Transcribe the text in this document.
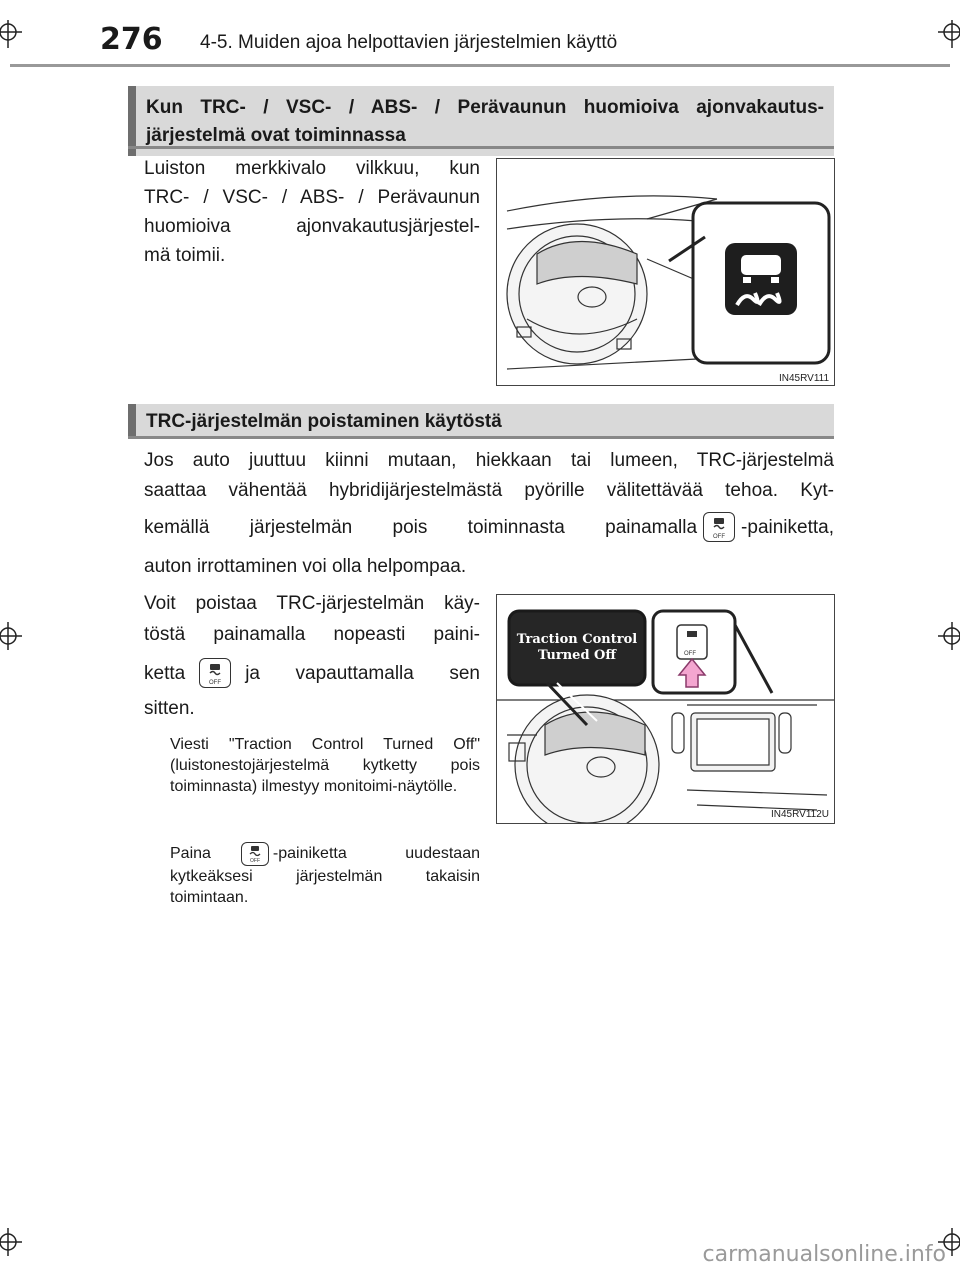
276 4-5. Muiden ajoa helpottavien järjestelmien käyttö
Kun TRC- / VSC- / ABS- / Perävaunun huomioiva ajonvakautus-
järjestelmä ovat toiminnassa
Luiston merkkivalo vilkkuu, kun
TRC- / VSC- / ABS- / Perävaunun
huomioiva ajonvakautusjärjestel-
mä toimii.
IN45RV111
TRC-järjestelmän poistaminen käytöstä
Jos auto juuttuu kiinni mutaan, hiekkaan tai lumeen, TRC-järjestelmä
saattaa vähentää hybridijärjestelmästä pyörille välitettävää tehoa. Kyt-
kemällä järjestelmän pois toiminnasta painamalla	OFF -painiketta,
auton irrottaminen voi olla helpompaa.
Voit poistaa TRC-järjestelmän käy-
töstä painamalla nopeasti paini-
ketta	OFF ja vapauttamalla sen
sitten.
Viesti "Traction Control Turned Off" (luistonestojärjestelmä kytketty pois toiminnasta) ilmestyy monitoimi-näytölle.
Paina	OFF -painiketta uudestaan kytkeäksesi järjestelmän takaisin toimintaan.
Traction Control
Turned Off	OFF
IN45RV112U
carmanualsonline.info
